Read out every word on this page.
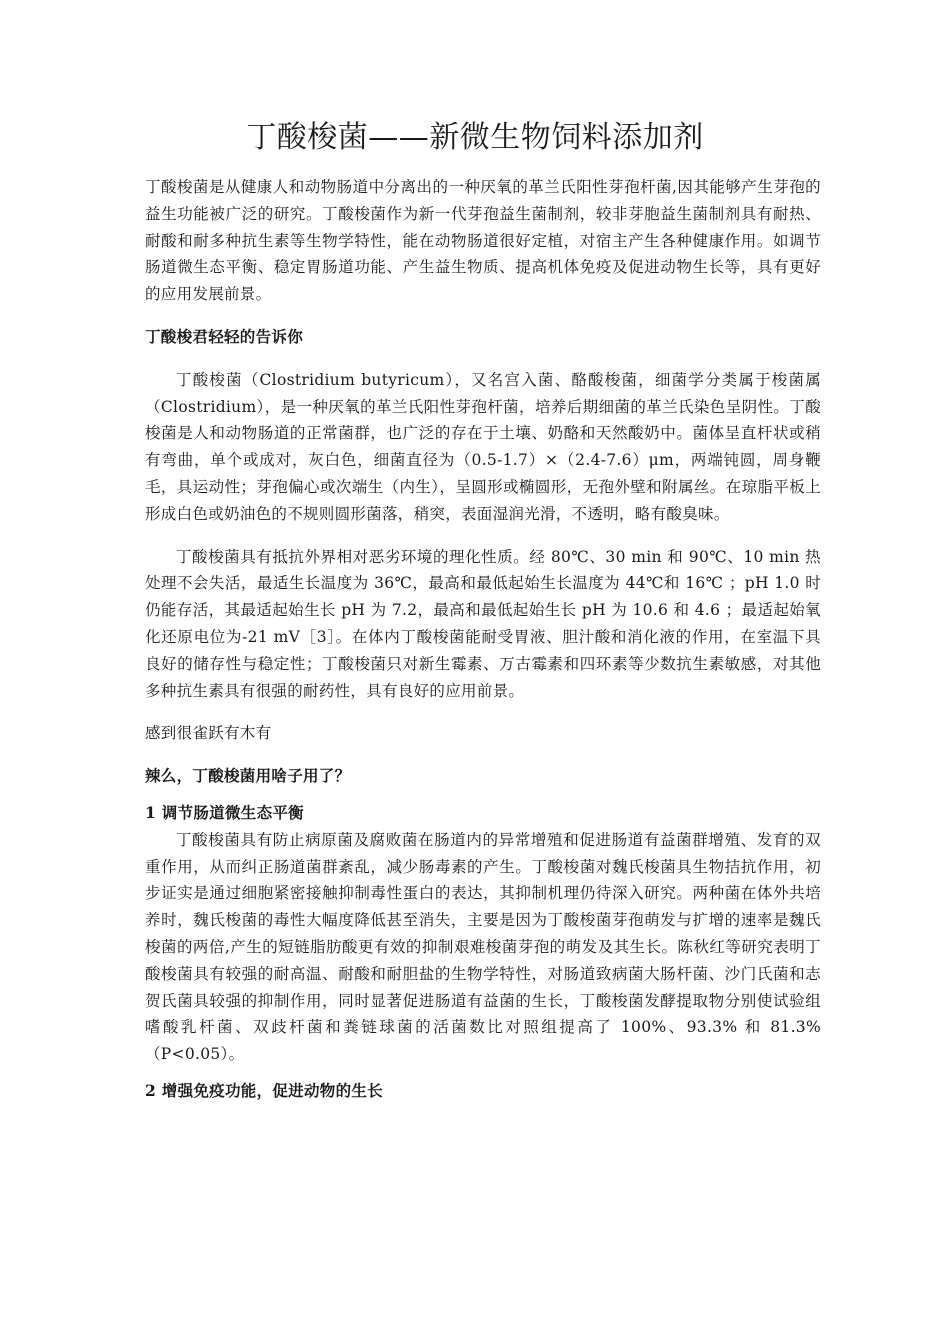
丁酸梭菌——新微生物饲料添加剂

丁酸梭菌是从健康人和动物肠道中分离出的一种厌氧的革兰氏阳性芽孢杆菌,因其能够产生芽孢的益生功能被广泛的研究。丁酸梭菌作为新一代芽孢益生菌制剂，较非芽胞益生菌制剂具有耐热、耐酸和耐多种抗生素等生物学特性，能在动物肠道很好定植，对宿主产生各种健康作用。如调节肠道微生态平衡、稳定胃肠道功能、产生益生物质、提高机体免疫及促进动物生长等，具有更好的应用发展前景。

丁酸梭君轻轻的告诉你

丁酸梭菌（Clostridium butyricum），又名宫入菌、酪酸梭菌，细菌学分类属于梭菌属（Clostridium），是一种厌氧的革兰氏阳性芽孢杆菌，培养后期细菌的革兰氏染色呈阴性。丁酸梭菌是人和动物肠道的正常菌群，也广泛的存在于土壤、奶酪和天然酸奶中。菌体呈直杆状或稍有弯曲，单个或成对，灰白色，细菌直径为（0.5-1.7）×（2.4-7.6）μm，两端钝圆，周身鞭毛，具运动性；芽孢偏心或次端生（内生），呈圆形或椭圆形，无孢外壁和附属丝。在琼脂平板上形成白色或奶油色的不规则圆形菌落，稍突，表面湿润光滑，不透明，略有酸臭味。

丁酸梭菌具有抵抗外界相对恶劣环境的理化性质。经 80℃、30 min 和 90℃、10 min 热处理不会失活，最适生长温度为 36℃，最高和最低起始生长温度为 44℃和 16℃ ；pH 1.0 时仍能存活，其最适起始生长 pH 为 7.2，最高和最低起始生长 pH 为 10.6 和 4.6 ；最适起始氧化还原电位为-21 mV［3］。在体内丁酸梭菌能耐受胃液、胆汁酸和消化液的作用，在室温下具良好的储存性与稳定性；丁酸梭菌只对新生霉素、万古霉素和四环素等少数抗生素敏感，对其他多种抗生素具有很强的耐药性，具有良好的应用前景。

感到很雀跃有木有

辣么，丁酸梭菌用啥子用了？

1 调节肠道微生态平衡

丁酸梭菌具有防止病原菌及腐败菌在肠道内的异常增殖和促进肠道有益菌群增殖、发育的双重作用，从而纠正肠道菌群紊乱，减少肠毒素的产生。丁酸梭菌对魏氏梭菌具生物拮抗作用，初步证实是通过细胞紧密接触抑制毒性蛋白的表达，其抑制机理仍待深入研究。两种菌在体外共培养时，魏氏梭菌的毒性大幅度降低甚至消失，主要是因为丁酸梭菌芽孢萌发与扩增的速率是魏氏梭菌的两倍,产生的短链脂肪酸更有效的抑制艰难梭菌芽孢的萌发及其生长。陈秋红等研究表明丁酸梭菌具有较强的耐高温、耐酸和耐胆盐的生物学特性，对肠道致病菌大肠杆菌、沙门氏菌和志贺氏菌具较强的抑制作用，同时显著促进肠道有益菌的生长，丁酸梭菌发酵提取物分别使试验组嗜酸乳杆菌、双歧杆菌和粪链球菌的活菌数比对照组提高了 100%、93.3% 和 81.3%（P<0.05）。

2 增强免疫功能，促进动物的生长
